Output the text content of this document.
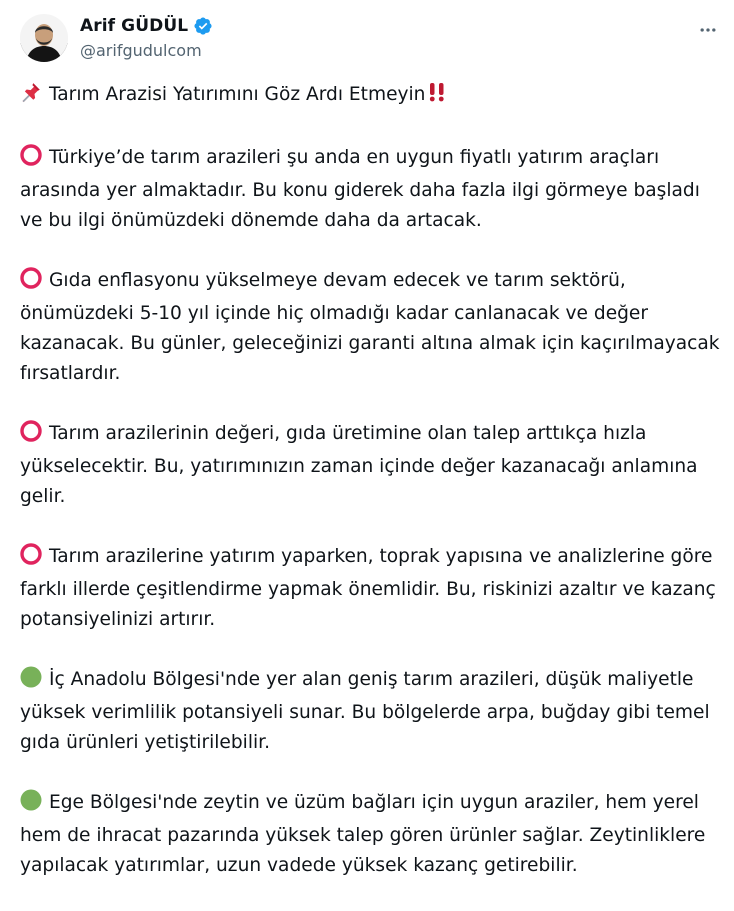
Arif GÜDÜL
@arifgudulcom

Tarım Arazisi Yatırımını Göz Ardı Etmeyin

Türkiye’de tarım arazileri şu anda en uygun fiyatlı yatırım araçları arasında yer almaktadır. Bu konu giderek daha fazla ilgi görmeye başladı ve bu ilgi önümüzdeki dönemde daha da artacak.

Gıda enflasyonu yükselmeye devam edecek ve tarım sektörü, önümüzdeki 5-10 yıl içinde hiç olmadığı kadar canlanacak ve değer kazanacak. Bu günler, geleceğinizi garanti altına almak için kaçırılmayacak fırsatlardır.

Tarım arazilerinin değeri, gıda üretimine olan talep arttıkça hızla yükselecektir. Bu, yatırımınızın zaman içinde değer kazanacağı anlamına gelir.

Tarım arazilerine yatırım yaparken, toprak yapısına ve analizlerine göre farklı illerde çeşitlendirme yapmak önemlidir. Bu, riskinizi azaltır ve kazanç potansiyelinizi artırır.

İç Anadolu Bölgesi'nde yer alan geniş tarım arazileri, düşük maliyetle yüksek verimlilik potansiyeli sunar. Bu bölgelerde arpa, buğday gibi temel gıda ürünleri yetiştirilebilir.

Ege Bölgesi'nde zeytin ve üzüm bağları için uygun araziler, hem yerel hem de ihracat pazarında yüksek talep gören ürünler sağlar. Zeytinliklere yapılacak yatırımlar, uzun vadede yüksek kazanç getirebilir.
